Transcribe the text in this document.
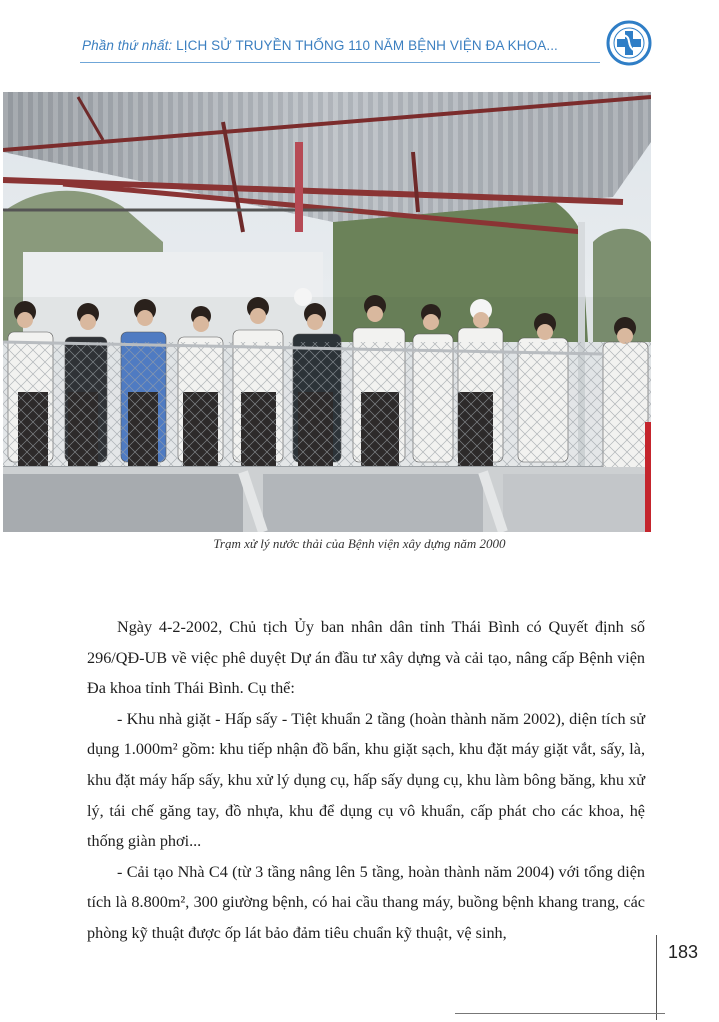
Phần thứ nhất: LỊCH SỬ TRUYỀN THỐNG 110 NĂM BỆNH VIỆN ĐA KHOA...
Trạm xử lý nước thải của Bệnh viện xây dựng năm 2000

Ngày 4-2-2002, Chủ tịch Ủy ban nhân dân tỉnh Thái Bình có Quyết định số 296/QĐ-UB về việc phê duyệt Dự án đầu tư xây dựng và cải tạo, nâng cấp Bệnh viện Đa khoa tỉnh Thái Bình. Cụ thể:

- Khu nhà giặt - Hấp sấy - Tiệt khuẩn 2 tầng (hoàn thành năm 2002), diện tích sử dụng 1.000m² gồm: khu tiếp nhận đồ bẩn, khu giặt sạch, khu đặt máy giặt vắt, sấy, là, khu đặt máy hấp sấy, khu xử lý dụng cụ, hấp sấy dụng cụ, khu làm bông băng, khu xử lý, tái chế găng tay, đồ nhựa, khu để dụng cụ vô khuẩn, cấp phát cho các khoa, hệ thống giàn phơi...

- Cải tạo Nhà C4 (từ 3 tầng nâng lên 5 tầng, hoàn thành năm 2004) với tổng diện tích là 8.800m², 300 giường bệnh, có hai cầu thang máy, buồng bệnh khang trang, các phòng kỹ thuật được ốp lát bảo đảm tiêu chuẩn kỹ thuật, vệ sinh,

183
